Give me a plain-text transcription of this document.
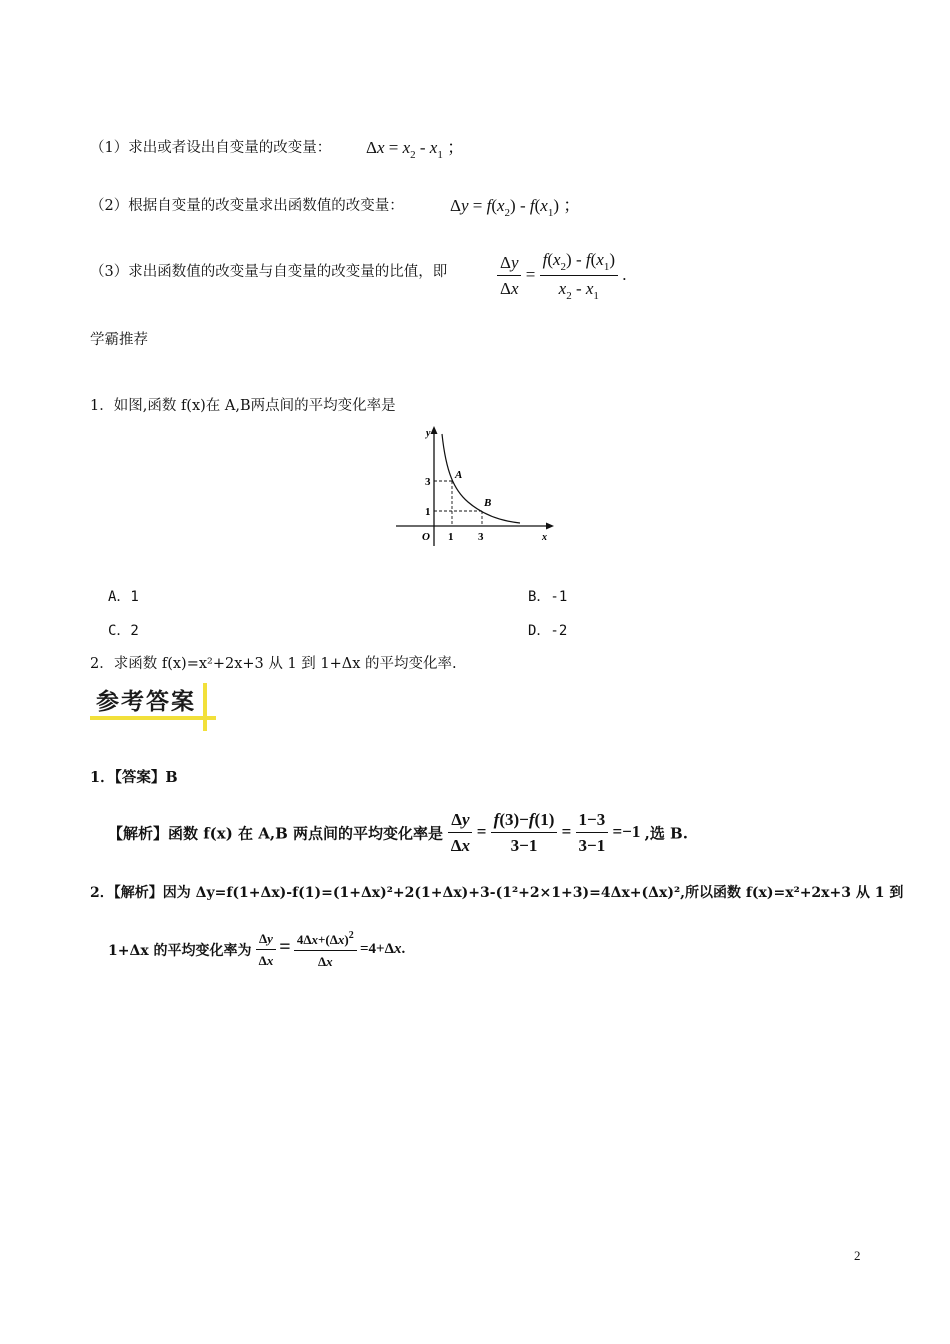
（1）求出或者设出自变量的改变量： $\Delta x = x_2 - x_1$ ；
（2）根据自变量的改变量求出函数值的改变量：	$\Delta y = f(x_2) - f(x_1)$ ；
（3）求出函数值的改变量与自变量的改变量的比值，即	$\frac{\Delta y}{\Delta x} = \frac{f(x_2) - f(x_1)}{x_2 - x_1}$ .
学霸推荐
1．如图,函数 f(x)在 A,B两点间的平均变化率是
y
x
O
3
1
1 3
A
B
A．1	B．-1
C．2	D．-2
2．求函数 f(x)=x²+2x+3 从 1 到 1+Δx 的平均变化率.
参考答案
1．【答案】B
【解析】函数 f(x) 在 A,B 两点间的平均变化率是 $\frac{\Delta y}{\Delta x} = \frac{f(3)-f(1)}{3-1} = \frac{1-3}{3-1} =-1$ ,选 B.
2．【解析】因为 Δy=f(1+Δx)-f(1)=(1+Δx)²+2(1+Δx)+3-(1²+2×1+3)=4Δx+(Δx)²,所以函数 f(x)=x²+2x+3 从 1 到
1+Δx 的平均变化率为 $\frac{\Delta y}{\Delta x} = \frac{4\Delta x+(\Delta x)^2}{\Delta x} =4+\Delta x$.
2
